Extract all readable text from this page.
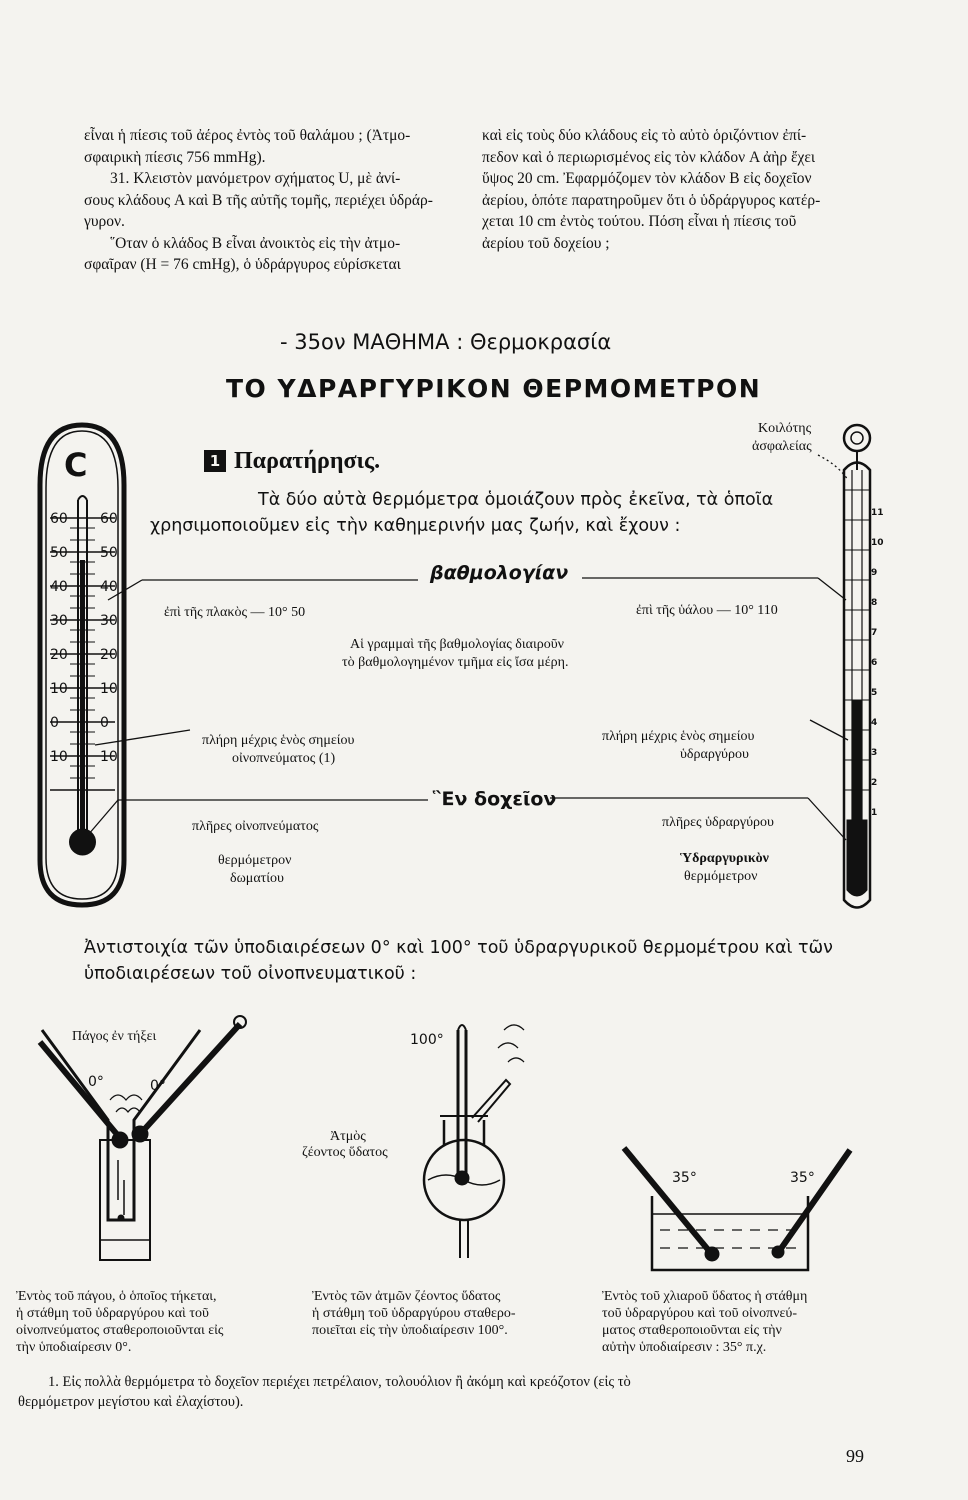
εἶναι ἡ πίεσις τοῦ ἀέρος ἐντὸς τοῦ θαλάμου ; (Ἀτμο-

σφαιρικὴ πίεσις 756 mmHg).

31. Κλειστὸν μανόμετρον σχήματος U, μὲ ἀνί-

σους κλάδους A καὶ B τῆς αὐτῆς τομῆς, περιέχει ὑδράρ-

γυρον.

῞Οταν ὁ κλάδος B εἶναι ἀνοικτὸς εἰς τὴν ἀτμο-

σφαῖραν (H = 76 cmHg), ὁ ὑδράργυρος εὑρίσκεται

καὶ εἰς τοὺς δύο κλάδους εἰς τὸ αὐτὸ ὁριζόντιον ἐπί-

πεδον καὶ ὁ περιωρισμένος εἰς τὸν κλάδον A ἀὴρ ἔχει

ὕψος 20 cm. Ἐφαρμόζομεν τὸν κλάδον B εἰς δοχεῖον

ἀερίου, ὁπότε παρατηροῦμεν ὅτι ὁ ὑδράργυρος κατέρ-

χεται 10 cm ἐντὸς τούτου. Πόση εἶναι ἡ πίεσις τοῦ

ἀερίου τοῦ δοχείου ;

- 35ον ΜΑΘΗΜΑ : Θερμοκρασία
ΤΟ ΥΔΡΑΡΓΥΡΙΚΟΝ ΘΕΡΜΟΜΕΤΡΟΝ
1 Παρατήρησις.
Τὰ δύο αὐτὰ θερμόμετρα ὁμοιάζουν πρὸς ἐκεῖνα, τὰ ὁποῖα
χρησιμοποιοῦμεν εἰς τὴν καθημερινήν μας ζωήν, καὶ ἔχουν :
βαθμολογίαν
ἐπὶ τῆς πλακὸς — 10° 50	ἐπὶ τῆς ὑάλου — 10° 110
Αἱ γραμμαὶ τῆς βαθμολογίας διαιροῦν
τὸ βαθμολογημένον τμῆμα εἰς ἴσα μέρη.
πλήρη μέχρις ἑνὸς σημείου
οἰνοπνεύματος (1)
πλήρη μέχρις ἑνὸς σημείου
ὑδραργύρου
῝Εν δοχεῖον
πλῆρες οἰνοπνεύματος	πλῆρες ὑδραργύρου
θερμόμετρον
δωματίου
Ὑδραργυρικὸν
θερμόμετρον
Κοιλότης
ἀσφαλείας
C
60
50
40
30
20
10
0
10
60
50
40
30
20
10
0
10
11
10
9
8
7
6
5
4
3
2
1
Ἀντιστοιχία τῶν ὑποδιαιρέσεων 0° καὶ 100° τοῦ ὑδραργυρικοῦ θερμομέτρου καὶ τῶν
ὑποδιαιρέσεων τοῦ οἰνοπνευματικοῦ :
Πάγος ἐν τήξει
0°	0°
100°
Ἀτμὸς
ζέοντος ὕδατος
35°	35°
Ἐντὸς τοῦ πάγου, ὁ ὁποῖος τήκεται,
ἡ στάθμη τοῦ ὑδραργύρου καὶ τοῦ
οἰνοπνεύματος σταθεροποιοῦνται εἰς
τὴν ὑποδιαίρεσιν 0°.
Ἐντὸς τῶν ἀτμῶν ζέοντος ὕδατος
ἡ στάθμη τοῦ ὑδραργύρου σταθερο-
ποιεῖται εἰς τὴν ὑποδιαίρεσιν 100°.
Ἐντὸς τοῦ χλιαροῦ ὕδατος ἡ στάθμη
τοῦ ὑδραργύρου καὶ τοῦ οἰνοπνεύ-
ματος σταθεροποιοῦνται εἰς τὴν
αὐτὴν ὑποδιαίρεσιν : 35° π.χ.
1. Εἰς πολλὰ θερμόμετρα τὸ δοχεῖον περιέχει πετρέλαιον, τολουόλιον ἢ ἀκόμη καὶ κρεόζοτον (εἰς τὸ
θερμόμετρον μεγίστου καὶ ἐλαχίστου).
99
